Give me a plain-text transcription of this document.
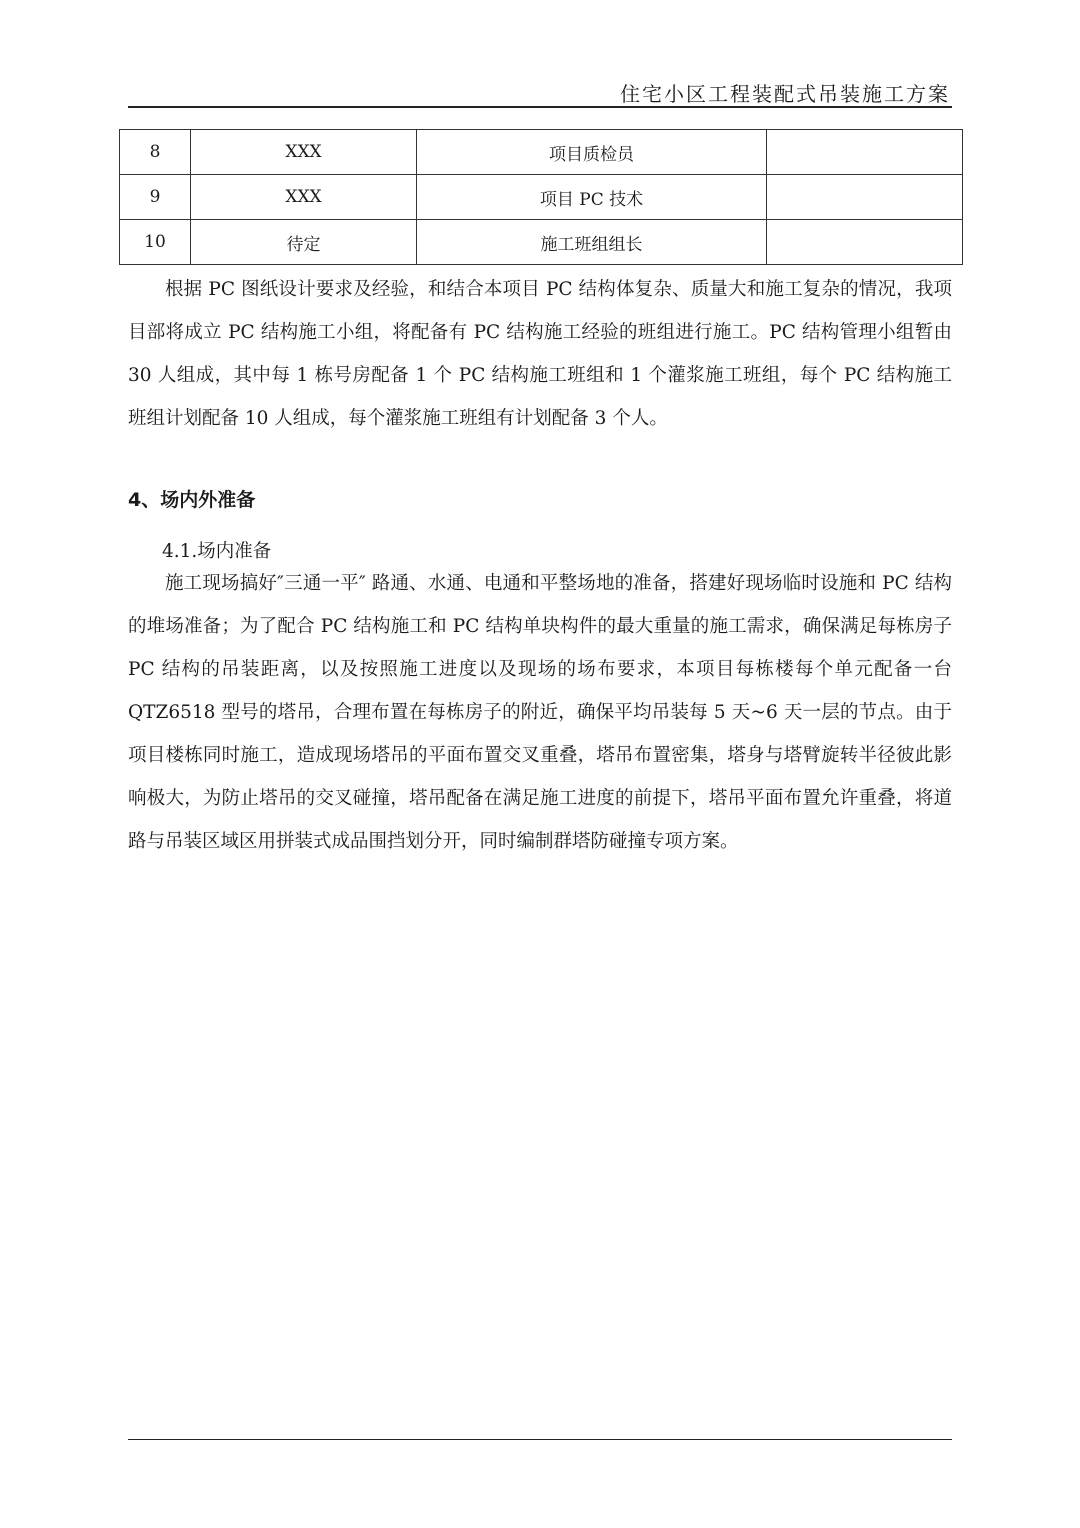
住宅小区工程装配式吊装施工方案
8	XXX	项目质检员	
9	XXX	项目 PC 技术	
10	待定	施工班组组长	

根据 PC 图纸设计要求及经验，和结合本项目 PC 结构体复杂、质量大和施工复杂的情况，我项目部将成立 PC 结构施工小组，将配备有 PC 结构施工经验的班组进行施工。PC 结构管理小组暂由 30 人组成，其中每 1 栋号房配备 1 个 PC 结构施工班组和 1 个灌浆施工班组，每个 PC 结构施工班组计划配备 10 人组成，每个灌浆施工班组有计划配备 3 个人。

4、场内外准备
4.1.场内准备

施工现场搞好″三通一平″ 路通、水通、电通和平整场地的准备，搭建好现场临时设施和 PC 结构的堆场准备；为了配合 PC 结构施工和 PC 结构单块构件的最大重量的施工需求，确保满足每栋房子 PC 结构的吊装距离，以及按照施工进度以及现场的场布要求，本项目每栋楼每个单元配备一台 QTZ6518 型号的塔吊，合理布置在每栋房子的附近，确保平均吊装每 5 天~6 天一层的节点。由于项目楼栋同时施工，造成现场塔吊的平面布置交叉重叠，塔吊布置密集，塔身与塔臂旋转半径彼此影响极大，为防止塔吊的交叉碰撞，塔吊配备在满足施工进度的前提下，塔吊平面布置允许重叠，将道路与吊装区域区用拼装式成品围挡划分开，同时编制群塔防碰撞专项方案。
